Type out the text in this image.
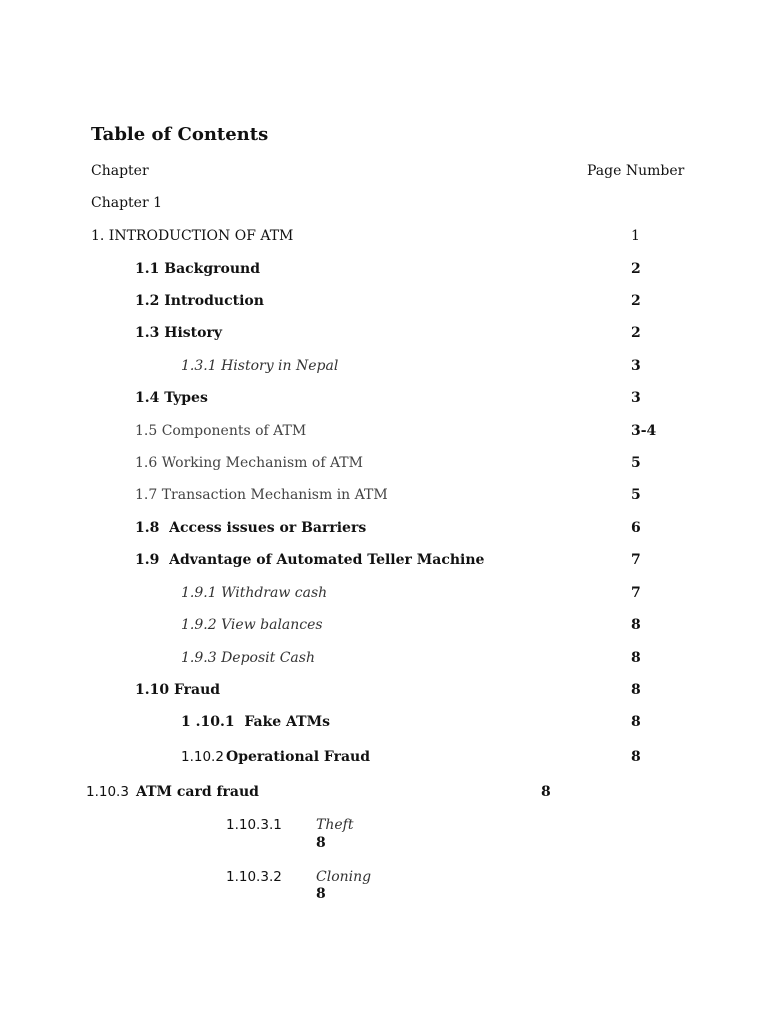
Table of Contents
Chapter	Page Number
Chapter 1
1. INTRODUCTION OF ATM	1
1.1 Background	2
1.2 Introduction	2
1.3 History	2
1.3.1 History in Nepal	3
1.4 Types	3
1.5 Components of ATM	3-4
1.6 Working Mechanism of ATM	5
1.7 Transaction Mechanism in ATM	5
1.8  Access issues or Barriers	6
1.9  Advantage of Automated Teller Machine	7
1.9.1 Withdraw cash	7
1.9.2 View balances	8
1.9.3 Deposit Cash	8
1.10 Fraud	8
1 .10.1  Fake ATMs	8
1.10.2 Operational Fraud	8
1.10.3 ATM card fraud	8
1.10.3.1 Theft
8
1.10.3.2 Cloning
8
